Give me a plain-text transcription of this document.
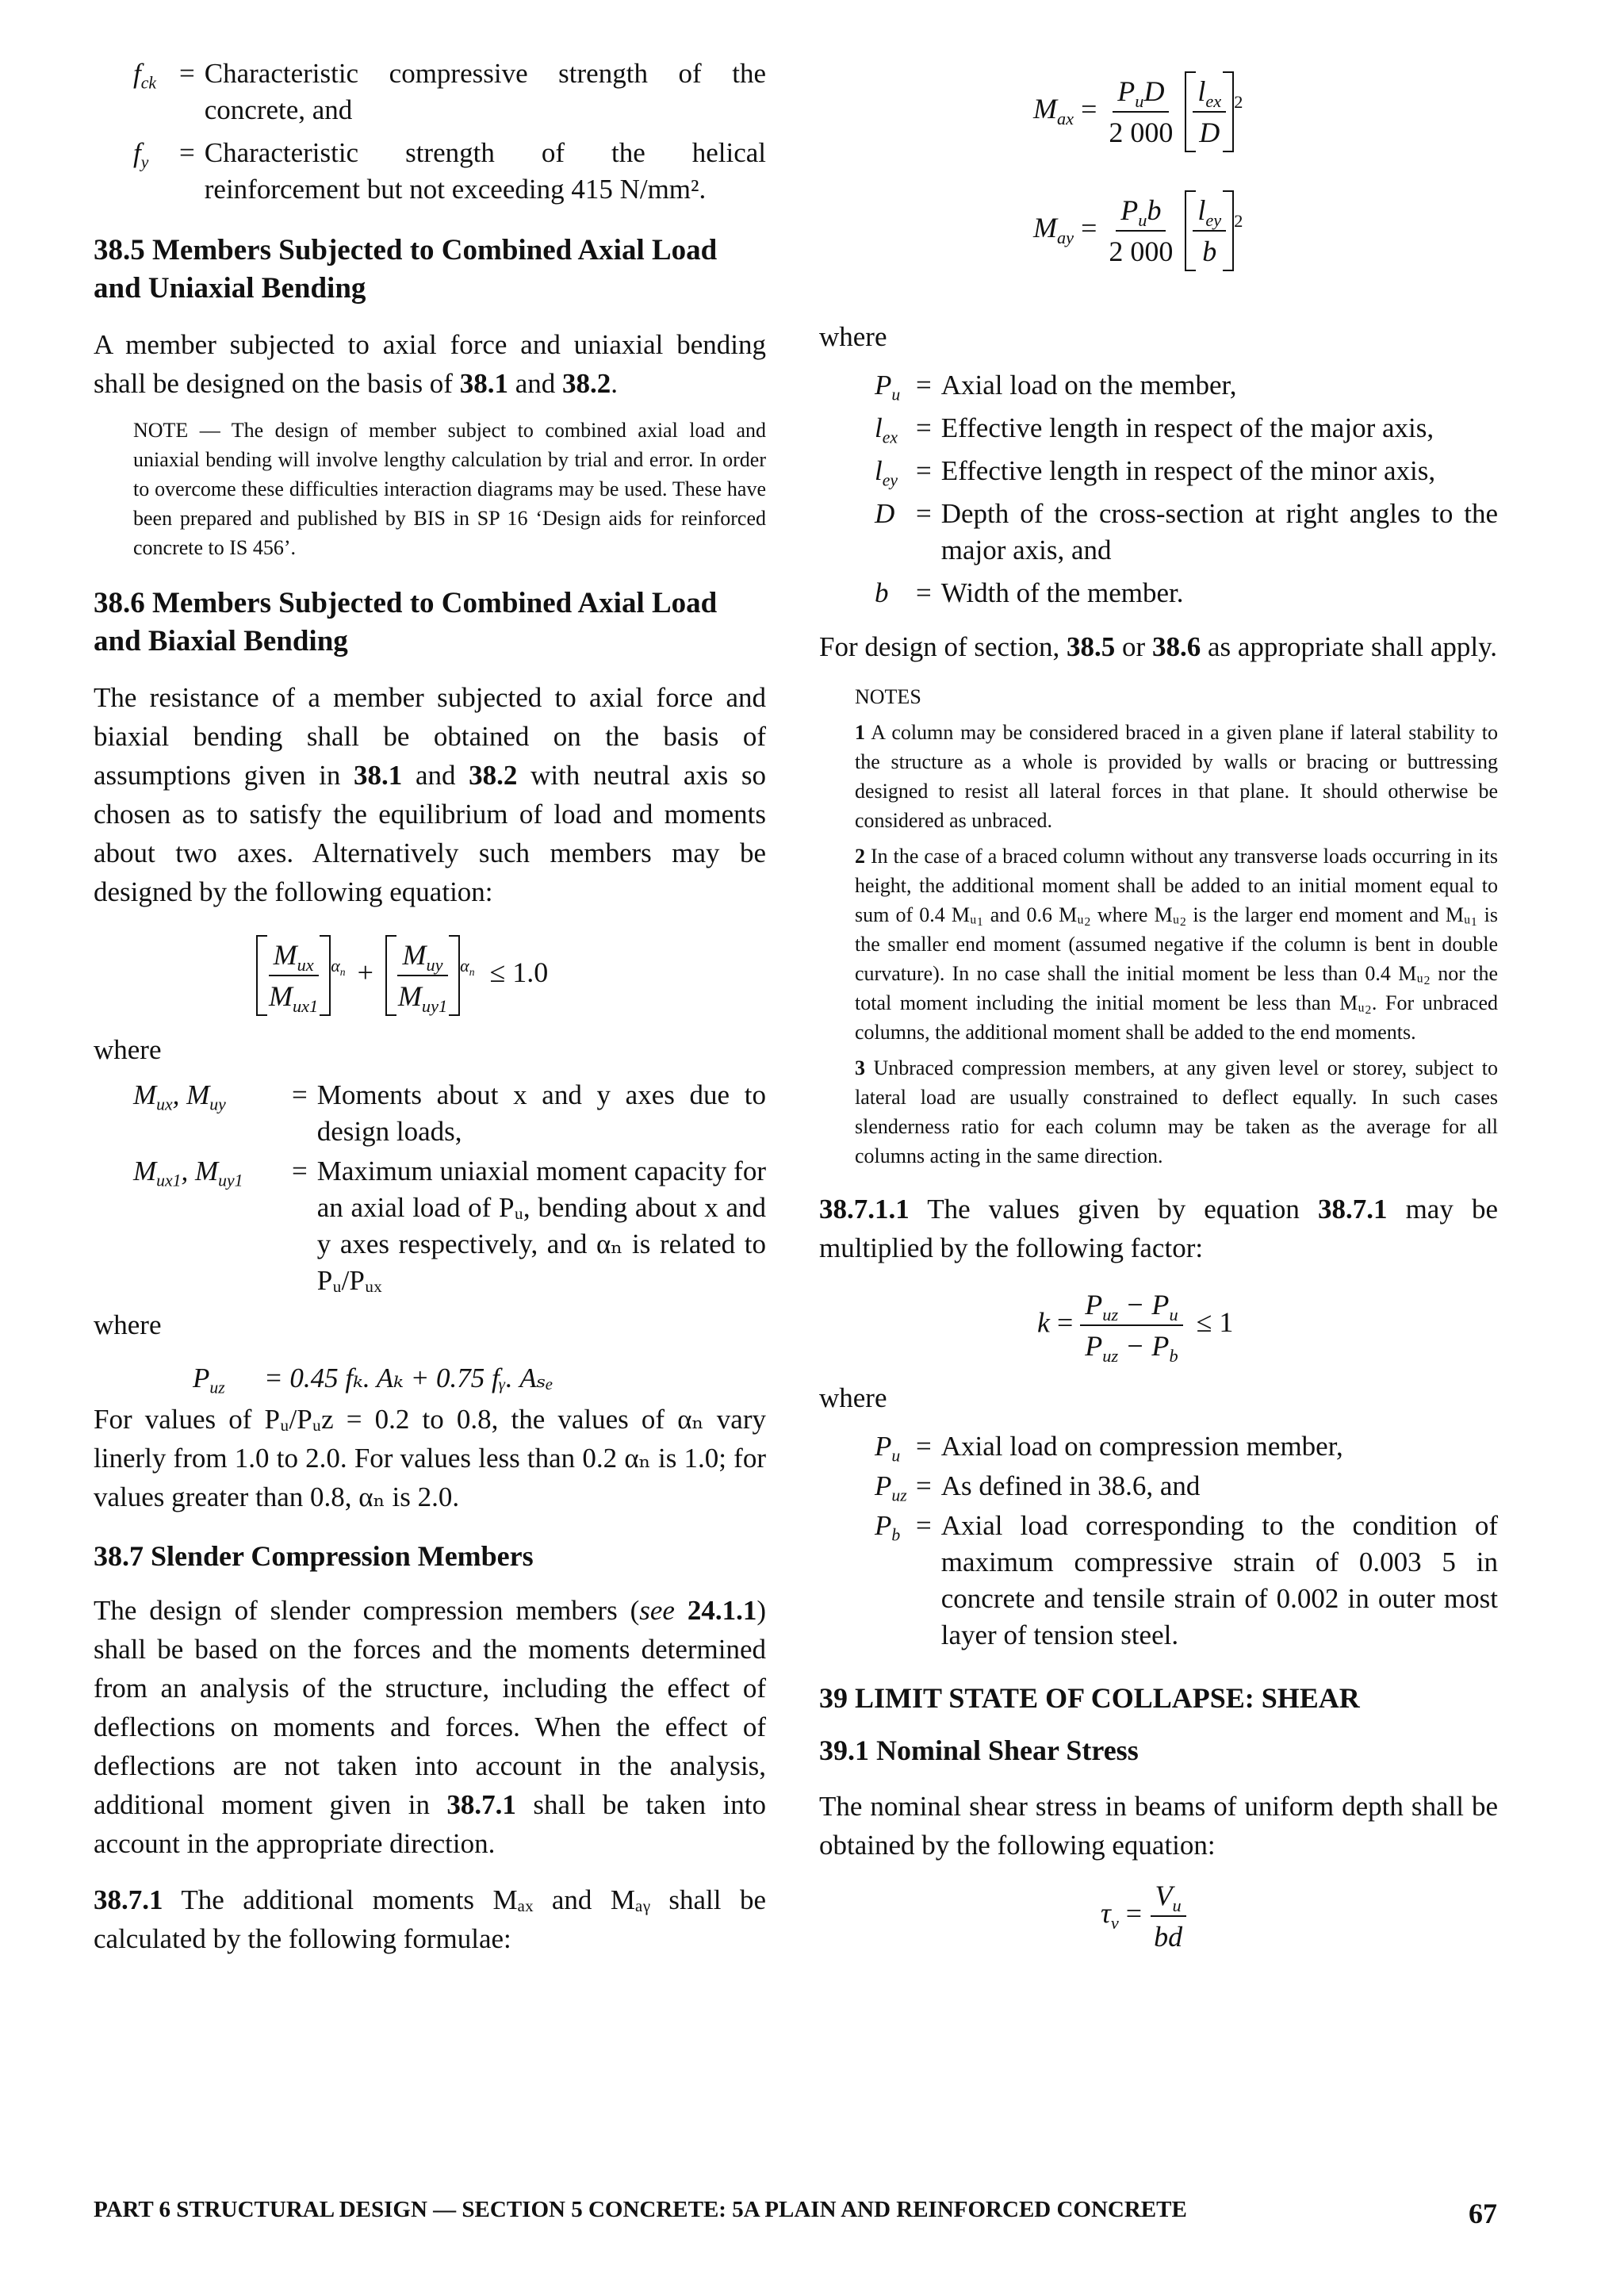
$f_{ck}$ = Characteristic compressive strength of the concrete, and
$f_y$	= Characteristic strength of the helical reinforcement but not exceeding 415 N/mm².
38.5 Members Subjected to Combined Axial Load and Uniaxial Bending

A member subjected to axial force and uniaxial bending shall be designed on the basis of 38.1 and 38.2.

NOTE — The design of member subject to combined axial load and uniaxial bending will involve lengthy calculation by trial and error. In order to overcome these difficulties interaction diagrams may be used. These have been prepared and published by BIS in SP 16 ‘Design aids for reinforced concrete to IS 456’.

38.6 Members Subjected to Combined Axial Load and Biaxial Bending

The resistance of a member subjected to axial force and biaxial bending shall be obtained on the basis of assumptions given in 38.1 and 38.2 with neutral axis so chosen as to satisfy the equilibrium of load and moments about two axes. Alternatively such members may be designed by the following equation:

$\frac{M_{ux}}{M_{ux1}} ^{\alpha_n} + \frac{M_{uy}}{M_{uy1}} ^{\alpha_n} \le 1.0$

where

$M_{ux}$, $M_{uy}$	= Moments about x and y axes due to design loads,
$M_{ux1}$, $M_{uy1}$	= Maximum uniaxial moment capacity for an axial load of Pᵤ, bending about x and y axes respectively, and αₙ is related to Pᵤ/Pᵤₓ

where

$P_{uz}$	= 0.45 fₖ. Aₖ + 0.75 fᵧ. Aₛₑ

For values of Pᵤ/Pᵤz = 0.2 to 0.8, the values of αₙ vary linerly from 1.0 to 2.0. For values less than 0.2 αₙ is 1.0; for values greater than 0.8, αₙ is 2.0.

38.7 Slender Compression Members

The design of slender compression members (see 24.1.1) shall be based on the forces and the moments determined from an analysis of the structure, including the effect of deflections on moments and forces. When the effect of deflections are not taken into account in the analysis, additional moment given in 38.7.1 shall be taken into account in the appropriate direction.

38.7.1 The additional moments Mₐₓ and Mₐᵧ shall be calculated by the following formulae:

$M_{ax} = \frac{P_uD}{2 000}$
$\frac{l_{ex}}{D} ^2$
$M_{ay} = \frac{P_ub}{2 000}$
$\frac{l_{ey}}{b} ^2$

where

$P_u$ = Axial load on the member,
$l_{ex}$ = Effective length in respect of the major axis,
$l_{ey}$ = Effective length in respect of the minor axis,
D = Depth of the cross-section at right angles to the major axis, and
b = Width of the member.

For design of section, 38.5 or 38.6 as appropriate shall apply.

NOTES

1 A column may be considered braced in a given plane if lateral stability to the structure as a whole is provided by walls or bracing or buttressing designed to resist all lateral forces in that plane. It should otherwise be considered as unbraced.

2 In the case of a braced column without any transverse loads occurring in its height, the additional moment shall be added to an initial moment equal to sum of 0.4 Mᵤ₁ and 0.6 Mᵤ₂ where Mᵤ₂ is the larger end moment and Mᵤ₁ is the smaller end moment (assumed negative if the column is bent in double curvature). In no case shall the initial moment be less than 0.4 Mᵤ₂ nor the total moment including the initial moment be less than Mᵤ₂. For unbraced columns, the additional moment shall be added to the end moments.

3 Unbraced compression members, at any given level or storey, subject to lateral load are usually constrained to deflect equally. In such cases slenderness ratio for each column may be taken as the average for all columns acting in the same direction.

38.7.1.1 The values given by equation 38.7.1 may be multiplied by the following factor:

$k = \frac{P_{uz} - P_u}{P_{uz} - P_b} \le 1$

where

$P_u$ = Axial load on compression member,
$P_{uz} = As$ defined in 38.6, and
$P_b$ = Axial load corresponding to the condition of maximum compressive strain of 0.003 5 in concrete and tensile strain of 0.002 in outer most layer of tension steel.
39 LIMIT STATE OF COLLAPSE: SHEAR
39.1 Nominal Shear Stress

The nominal shear stress in beams of uniform depth shall be obtained by the following equation:

$\tau_v = \frac{V_u}{bd}$
PART 6 STRUCTURAL DESIGN — SECTION 5 CONCRETE: 5A PLAIN AND REINFORCED CONCRETE	67
